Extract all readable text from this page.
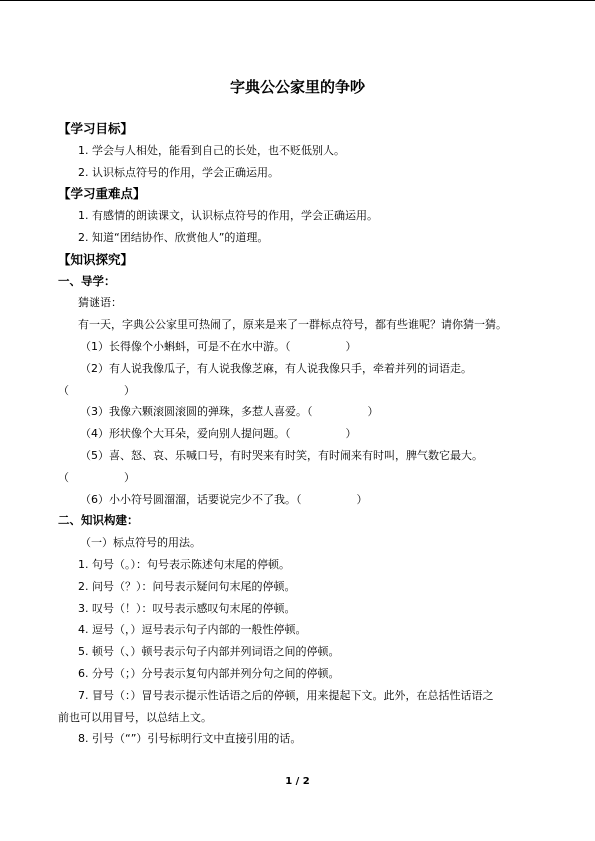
字典公公家里的争吵
【学习目标】
1. 学会与人相处，能看到自己的长处，也不贬低别人。
2. 认识标点符号的作用，学会正确运用。
【学习重难点】
1. 有感情的朗读课文，认识标点符号的作用，学会正确运用。
2. 知道“团结协作、欣赏他人”的道理。
【知识探究】
一、导学：
猜谜语：
有一天，字典公公家里可热闹了，原来是来了一群标点符号，都有些谁呢？请你猜一猜。
（1）长得像个小蝌蚪，可是不在水中游。（　　　　　）
（2）有人说我像瓜子，有人说我像芝麻，有人说我像只手，牵着并列的词语走。
（　　　　　）
（3）我像六颗滚圆滚圆的弹珠，多惹人喜爱。（　　　　　）
（4）形状像个大耳朵，爱向别人提问题。（　　　　　）
（5）喜、怒、哀、乐喊口号，有时哭来有时笑，有时闹来有时叫，脾气数它最大。
（　　　　　）
（6）小小符号圆溜溜，话要说完少不了我。（　　　　　）
二、知识构建：
（一）标点符号的用法。
1. 句号（。）：句号表示陈述句末尾的停顿。
2. 问号（？）：问号表示疑问句末尾的停顿。
3. 叹号（！）：叹号表示感叹句末尾的停顿。
4. 逗号（，）逗号表示句子内部的一般性停顿。
5. 顿号（、）顿号表示句子内部并列词语之间的停顿。
6. 分号（；）分号表示复句内部并列分句之间的停顿。
7. 冒号（：）冒号表示提示性话语之后的停顿，用来提起下文。此外，在总括性话语之
前也可以用冒号，以总结上文。
8. 引号（“”）引号标明行文中直接引用的话。
1 / 2
